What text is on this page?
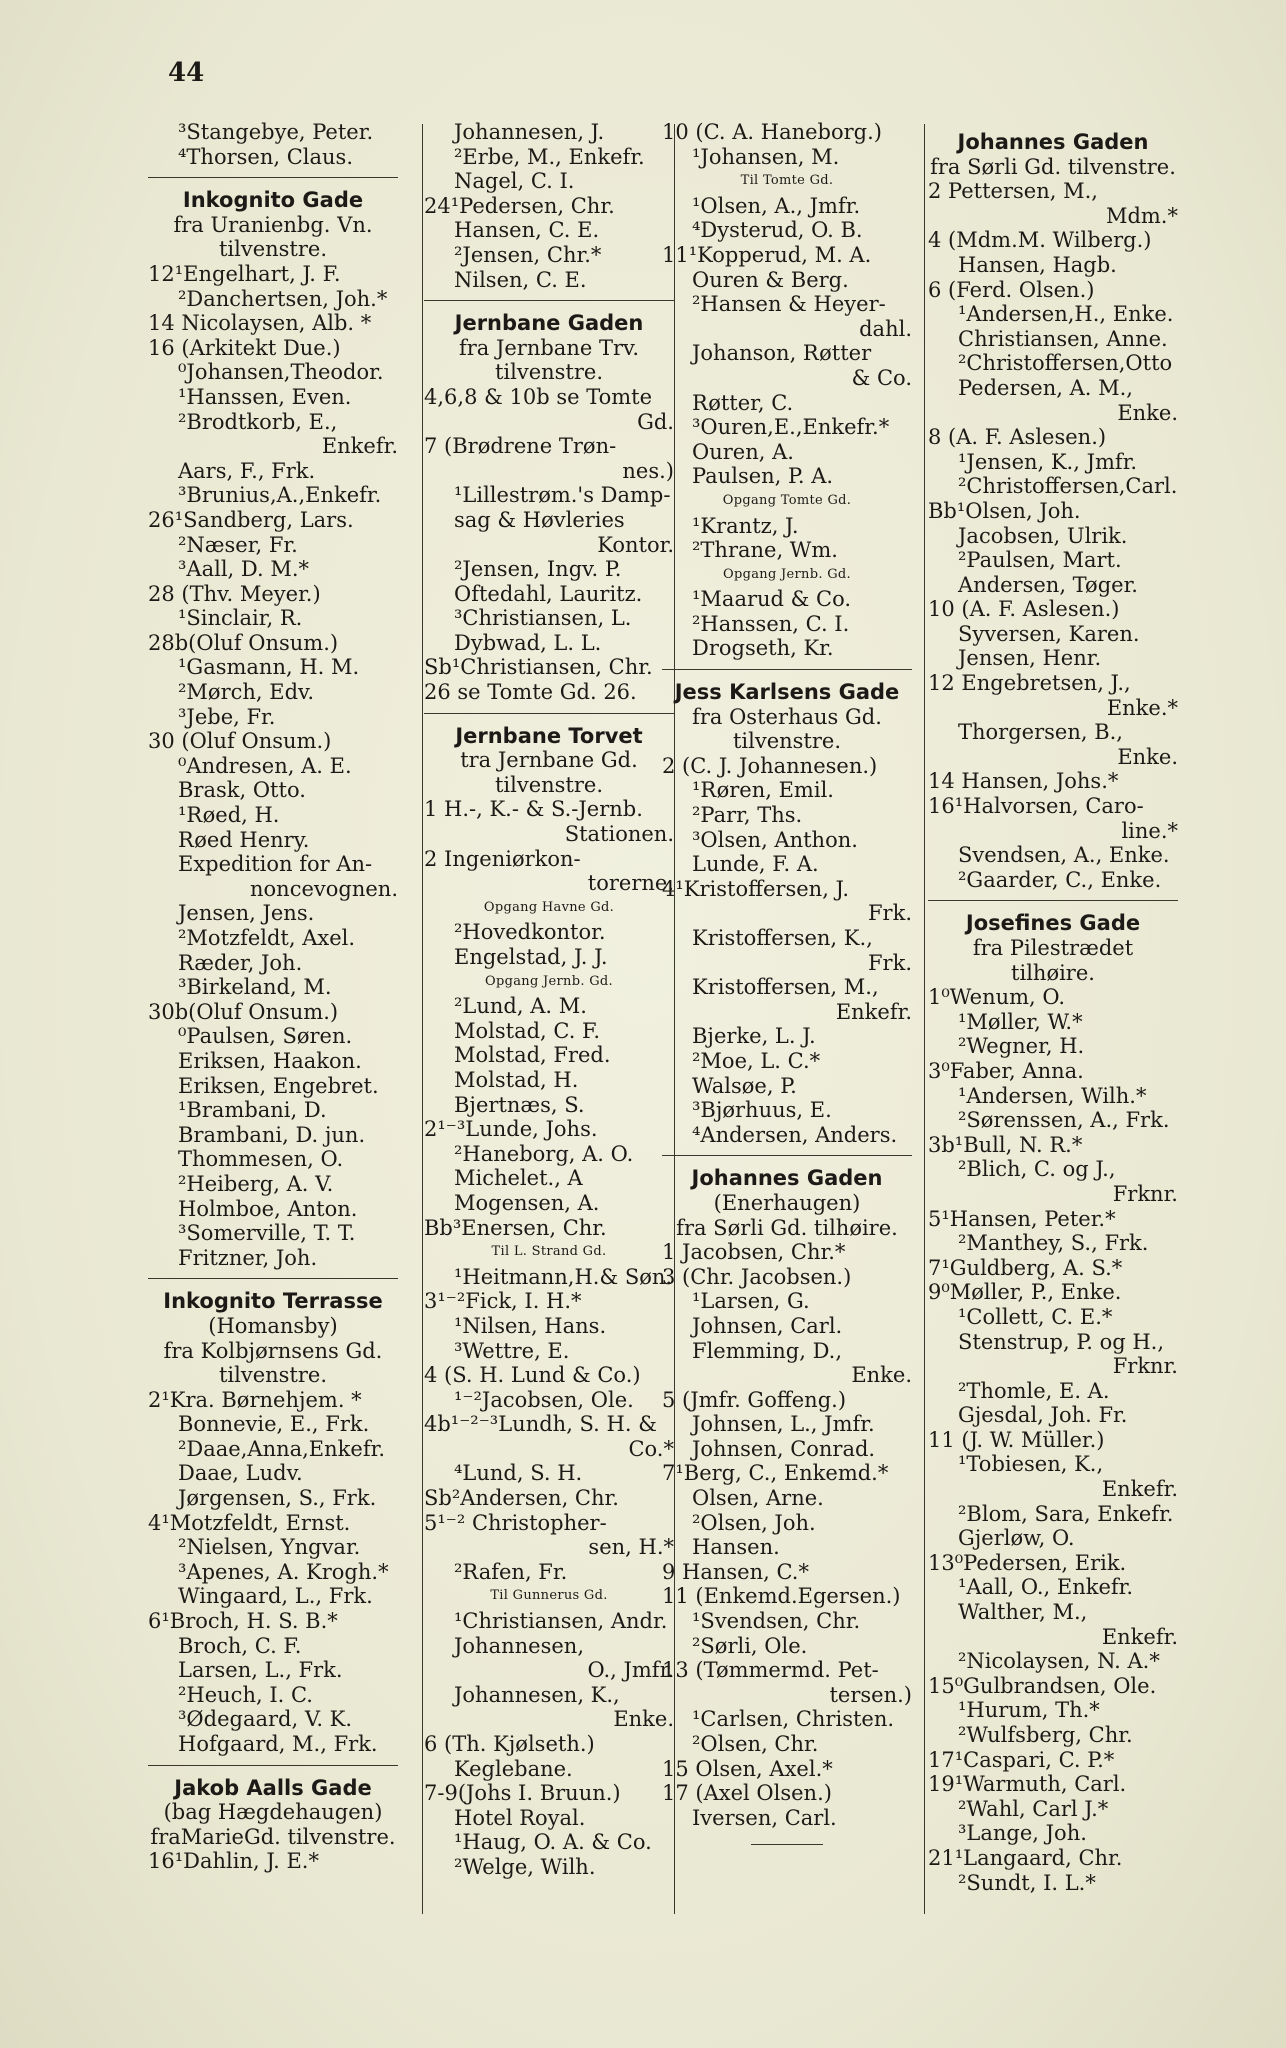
44
³Stangebye, Peter.
⁴Thorsen, Claus.
Inkognito Gade
fra Uranienbg. Vn.
tilvenstre.
12¹Engelhart, J. F.
²Danchertsen, Joh.*
14 Nicolaysen, Alb. *
16 (Arkitekt Due.)
⁰Johansen,Theodor.
¹Hanssen, Even.
²Brodtkorb, E.,
Enkefr.
Aars, F., Frk.
³Brunius,A.,Enkefr.
26¹Sandberg, Lars.
²Næser, Fr.
³Aall, D. M.*
28 (Thv. Meyer.)
¹Sinclair, R.
28b(Oluf Onsum.)
¹Gasmann, H. M.
²Mørch, Edv.
³Jebe, Fr.
30 (Oluf Onsum.)
⁰Andresen, A. E.
Brask, Otto.
¹Røed, H.
Røed Henry.
Expedition for An-
noncevognen.
Jensen, Jens.
²Motzfeldt, Axel.
Ræder, Joh.
³Birkeland, M.
30b(Oluf Onsum.)
⁰Paulsen, Søren.
Eriksen, Haakon.
Eriksen, Engebret.
¹Brambani, D.
Brambani, D. jun.
Thommesen, O.
²Heiberg, A. V.
Holmboe, Anton.
³Somerville, T. T.
Fritzner, Joh.
Inkognito Terrasse
(Homansby)
fra Kolbjørnsens Gd.
tilvenstre.
2¹Kra. Børnehjem. *
Bonnevie, E., Frk.
²Daae,Anna,Enkefr.
Daae, Ludv.
Jørgensen, S., Frk.
4¹Motzfeldt, Ernst.
²Nielsen, Yngvar.
³Apenes, A. Krogh.*
Wingaard, L., Frk.
6¹Broch, H. S. B.*
Broch, C. F.
Larsen, L., Frk.
²Heuch, I. C.
³Ødegaard, V. K.
Hofgaard, M., Frk.
Jakob Aalls Gade
(bag Hægdehaugen)
fraMarieGd. tilvenstre.
16¹Dahlin, J. E.*
Johannesen, J.
²Erbe, M., Enkefr.
Nagel, C. I.
24¹Pedersen, Chr.
Hansen, C. E.
²Jensen, Chr.*
Nilsen, C. E.
Jernbane Gaden
fra Jernbane Trv.
tilvenstre.
4,6,8 & 10b se Tomte
Gd.
7 (Brødrene Trøn-
nes.)
¹Lillestrøm.'s Damp-
sag & Høvleries
Kontor.
²Jensen, Ingv. P.
Oftedahl, Lauritz.
³Christiansen, L.
Dybwad, L. L.
Sb¹Christiansen, Chr.
26 se Tomte Gd. 26.
Jernbane Torvet
tra Jernbane Gd.
tilvenstre.
1 H.-, K.- & S.-Jernb.
Stationen.
2 Ingeniørkon-
torerne.
Opgang Havne Gd.
²Hovedkontor.
Engelstad, J. J.
Opgang Jernb. Gd.
²Lund, A. M.
Molstad, C. F.
Molstad, Fred.
Molstad, H.
Bjertnæs, S.
2¹⁻³Lunde, Johs.
²Haneborg, A. O.
Michelet., A
Mogensen, A.
Bb³Enersen, Chr.
Til L. Strand Gd.
¹Heitmann,H.& Søn.
3¹⁻²Fick, I. H.*
¹Nilsen, Hans.
³Wettre, E.
4 (S. H. Lund & Co.)
¹⁻²Jacobsen, Ole.
4b¹⁻²⁻³Lundh, S. H. &
Co.*
⁴Lund, S. H.
Sb²Andersen, Chr.
5¹⁻² Christopher-
sen, H.*
²Rafen, Fr.
Til Gunnerus Gd.
¹Christiansen, Andr.
Johannesen,
O., Jmfr.
Johannesen, K.,
Enke.
6 (Th. Kjølseth.)
Keglebane.
7-9(Johs I. Bruun.)
Hotel Royal.
¹Haug, O. A. & Co.
²Welge, Wilh.
10 (C. A. Haneborg.)
¹Johansen, M.
Til Tomte Gd.
¹Olsen, A., Jmfr.
⁴Dysterud, O. B.
11¹Kopperud, M. A.
Ouren & Berg.
²Hansen & Heyer-
dahl.
Johanson, Røtter
& Co.
Røtter, C.
³Ouren,E.,Enkefr.*
Ouren, A.
Paulsen, P. A.
Opgang Tomte Gd.
¹Krantz, J.
²Thrane, Wm.
Opgang Jernb. Gd.
¹Maarud & Co.
²Hanssen, C. I.
Drogseth, Kr.
Jess Karlsens Gade
fra Osterhaus Gd.
tilvenstre.
2 (C. J. Johannesen.)
¹Røren, Emil.
²Parr, Ths.
³Olsen, Anthon.
Lunde, F. A.
4¹Kristoffersen, J.
Frk.
Kristoffersen, K.,
Frk.
Kristoffersen, M.,
Enkefr.
Bjerke, L. J.
²Moe, L. C.*
Walsøe, P.
³Bjørhuus, E.
⁴Andersen, Anders.
Johannes Gaden
(Enerhaugen)
fra Sørli Gd. tilhøire.
1 Jacobsen, Chr.*
3 (Chr. Jacobsen.)
¹Larsen, G.
Johnsen, Carl.
Flemming, D.,
Enke.
5 (Jmfr. Goffeng.)
Johnsen, L., Jmfr.
Johnsen, Conrad.
7¹Berg, C., Enkemd.*
Olsen, Arne.
²Olsen, Joh.
Hansen.
9 Hansen, C.*
11 (Enkemd.Egersen.)
¹Svendsen, Chr.
²Sørli, Ole.
13 (Tømmermd. Pet-
tersen.)
¹Carlsen, Christen.
²Olsen, Chr.
15 Olsen, Axel.*
17 (Axel Olsen.)
Iversen, Carl.
Johannes Gaden
fra Sørli Gd. tilvenstre.
2 Pettersen, M.,
Mdm.*
4 (Mdm.M. Wilberg.)
Hansen, Hagb.
6 (Ferd. Olsen.)
¹Andersen,H., Enke.
Christiansen, Anne.
²Christoffersen,Otto
Pedersen, A. M.,
Enke.
8 (A. F. Aslesen.)
¹Jensen, K., Jmfr.
²Christoffersen,Carl.
Bb¹Olsen, Joh.
Jacobsen, Ulrik.
²Paulsen, Mart.
Andersen, Tøger.
10 (A. F. Aslesen.)
Syversen, Karen.
Jensen, Henr.
12 Engebretsen, J.,
Enke.*
Thorgersen, B.,
Enke.
14 Hansen, Johs.*
16¹Halvorsen, Caro-
line.*
Svendsen, A., Enke.
²Gaarder, C., Enke.
Josefines Gade
fra Pilestrædet
tilhøire.
1⁰Wenum, O.
¹Møller, W.*
²Wegner, H.
3⁰Faber, Anna.
¹Andersen, Wilh.*
²Sørenssen, A., Frk.
3b¹Bull, N. R.*
²Blich, C. og J.,
Frknr.
5¹Hansen, Peter.*
²Manthey, S., Frk.
7¹Guldberg, A. S.*
9⁰Møller, P., Enke.
¹Collett, C. E.*
Stenstrup, P. og H.,
Frknr.
²Thomle, E. A.
Gjesdal, Joh. Fr.
11 (J. W. Müller.)
¹Tobiesen, K.,
Enkefr.
²Blom, Sara, Enkefr.
Gjerløw, O.
13⁰Pedersen, Erik.
¹Aall, O., Enkefr.
Walther, M.,
Enkefr.
²Nicolaysen, N. A.*
15⁰Gulbrandsen, Ole.
¹Hurum, Th.*
²Wulfsberg, Chr.
17¹Caspari, C. P.*
19¹Warmuth, Carl.
²Wahl, Carl J.*
³Lange, Joh.
21¹Langaard, Chr.
²Sundt, I. L.*
